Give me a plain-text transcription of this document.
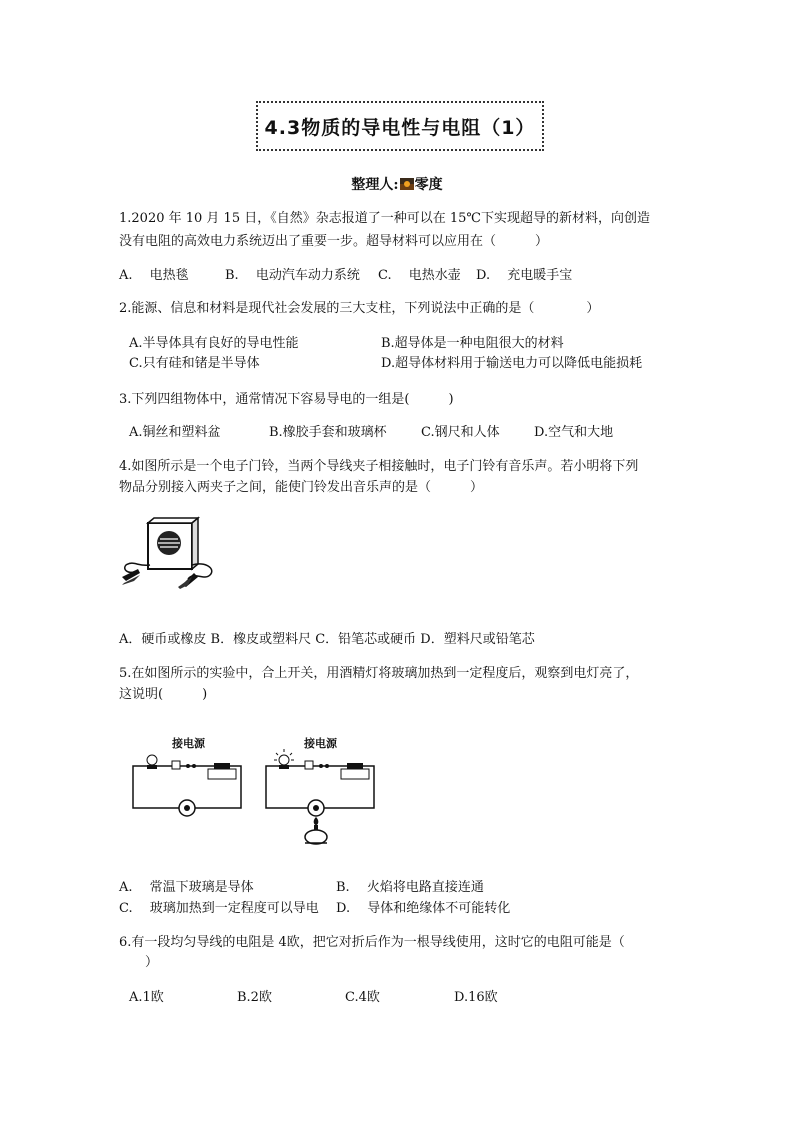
4.3物质的导电性与电阻（1）
整理人: 零度
1.2020 年 10 月 15 日，《自然》杂志报道了一种可以在 15℃下实现超导的新材料，向创造
没有电阻的高效电力系统迈出了重要一步。超导材料可以应用在（　　　）
A.　 电热毯	B.　 电动汽车动力系统 C.　 电热水壶 D.　 充电暖手宝
2.能源、信息和材料是现代社会发展的三大支柱，下列说法中正确的是（　　　　）
A.半导体具有良好的导电性能	B.超导体是一种电阻很大的材料
C.只有硅和锗是半导体	D.超导体材料用于输送电力可以降低电能损耗
3.下列四组物体中，通常情况下容易导电的一组是(　　　)
A.铜丝和塑料盆	B.橡胶手套和玻璃杯	C.钢尺和人体	D.空气和大地
4.如图所示是一个电子门铃，当两个导线夹子相接触时，电子门铃有音乐声。若小明将下列
物品分别接入两夹子之间，能使门铃发出音乐声的是（　　　）
A．硬币或橡皮 B．橡皮或塑料尺 C．铅笔芯或硬币 D．塑料尺或铅笔芯
5.在如图所示的实验中，合上开关，用酒精灯将玻璃加热到一定程度后，观察到电灯亮了，
这说明(　　　)
接电源	接电源
A.　 常温下玻璃是导体	B.　 火焰将电路直接连通
C.　 玻璃加热到一定程度可以导电 D.　 导体和绝缘体不可能转化
6.有一段均匀导线的电阻是 4欧，把它对折后作为一根导线使用，这时它的电阻可能是（
　　）
A.1欧	B.2欧	C.4欧	D.16欧
